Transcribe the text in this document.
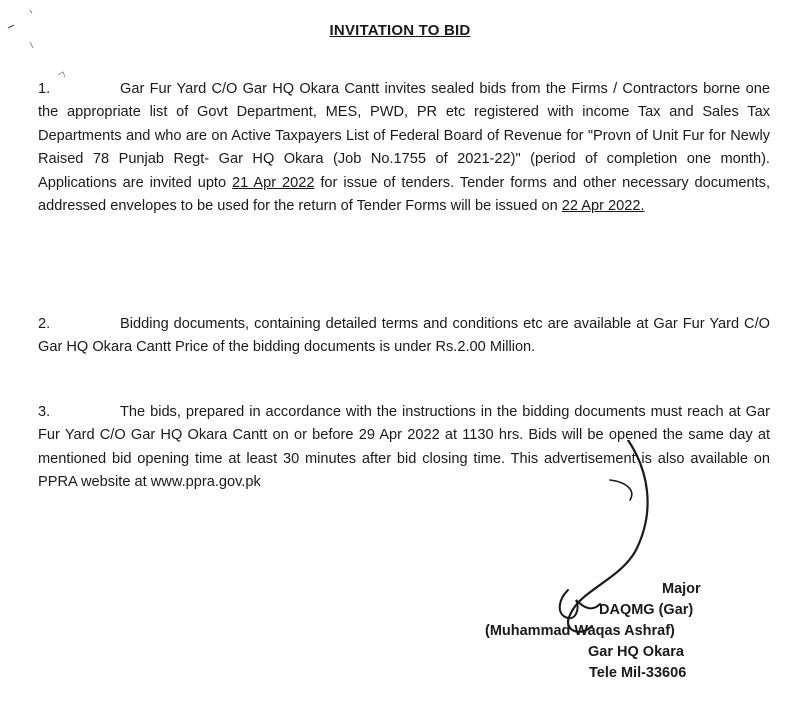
INVITATION TO BID

1.	Gar Fur Yard C/O Gar HQ Okara Cantt invites sealed bids from the Firms / Contractors borne one the appropriate list of Govt Department, MES, PWD, PR etc registered with income Tax and Sales Tax Departments and who are on Active Taxpayers List of Federal Board of Revenue for "Provn of Unit Fur for Newly Raised 78 Punjab Regt- Gar HQ Okara (Job No.1755 of 2021-22)" (period of completion one month). Applications are invited upto 21 Apr 2022 for issue of tenders. Tender forms and other necessary documents, addressed envelopes to be used for the return of Tender Forms will be issued on 22 Apr 2022.

2.	Bidding documents, containing detailed terms and conditions etc are available at Gar Fur Yard C/O Gar HQ Okara Cantt Price of the bidding documents is under Rs.2.00 Million.

3.	The bids, prepared in accordance with the instructions in the bidding documents must reach at Gar Fur Yard C/O Gar HQ Okara Cantt on or before 29 Apr 2022 at 1130 hrs. Bids will be opened the same day at mentioned bid opening time at least 30 minutes after bid closing time. This advertisement is also available on PPRA website at www.ppra.gov.pk

Major
DAQMG (Gar)
(Muhammad Waqas Ashraf)
Gar HQ Okara
Tele Mil-33606
